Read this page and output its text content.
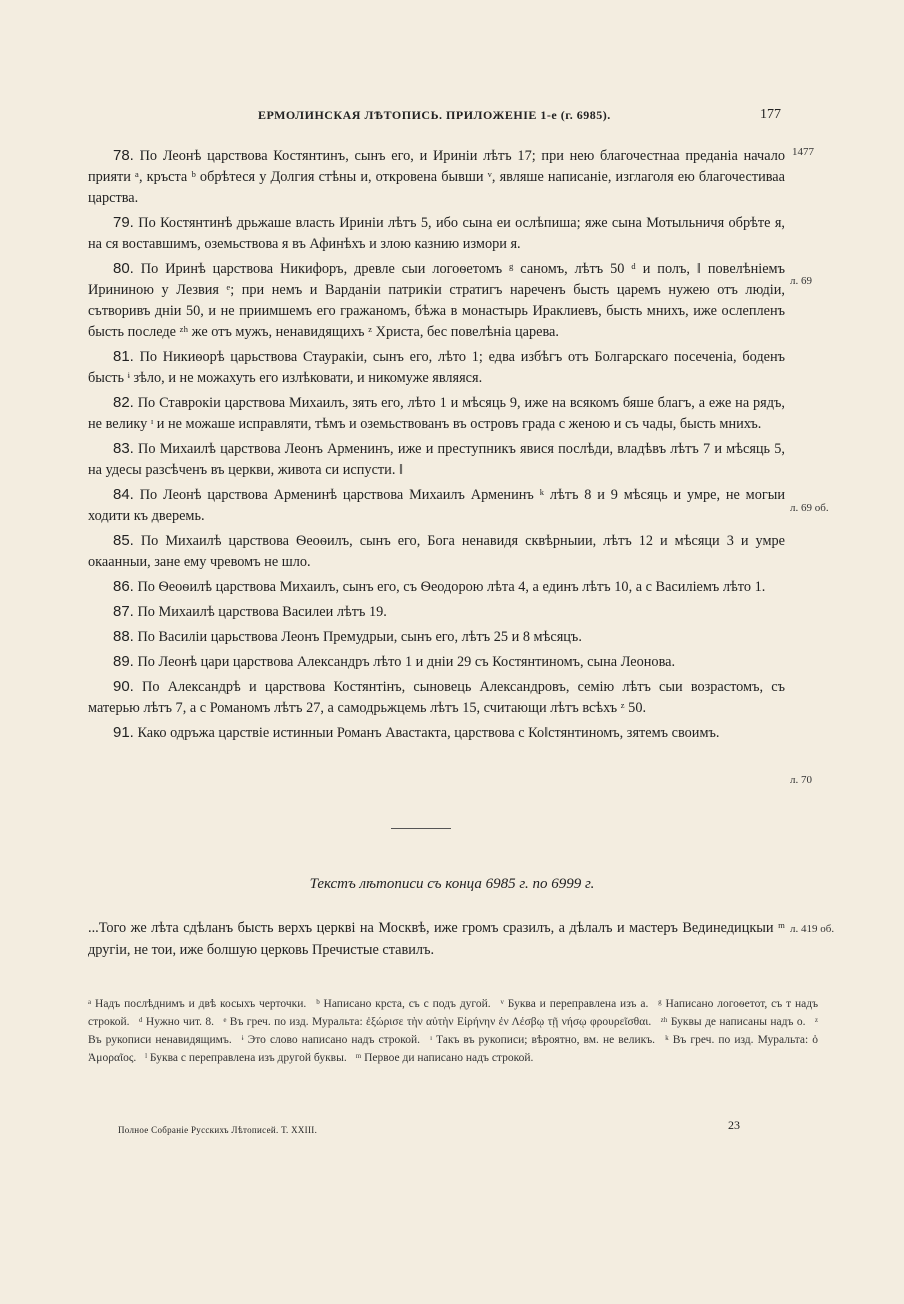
ЕРМОЛИНСКАЯ ЛѢТОПИСЬ. ПРИЛОЖЕНІЕ 1-е (г. 6985).	177
1477
л. 69
л. 69 об.
л. 70
л. 419 об.

78. По Леонѣ царствова Костянтинъ, сынъ его, и Ириніи лѣтъ 17; при нею благочестнаа преданіа начало прияти ᵃ, кръста ᵇ обрѣтеся у Долгия стѣны и, откровена бывши ᵛ, являше написаніе, изглаголя ею благочестиваа царства.

79. По Костянтинѣ дрьжаше власть Ириніи лѣтъ 5, ибо сына еи ослѣпиша; яже сына Мотыльничя обрѣте я, на ся воставшимъ, оземьствова я въ Афинѣхъ и злою казнию измори я.

80. По Иринѣ царствова Никифоръ, древле сыи логоѳетомъ ᵍ саномъ, лѣтъ 50 ᵈ и полъ, ‖ повелѣніемъ Ирининою у Лезвия ᵉ; при немъ и Варданіи патрикіи стратигъ нареченъ бысть царемъ нужею отъ людіи, сътворивъ дніи 50, и не приимшемъ его гражаномъ, бѣжа в монастырь Ираклиевъ, бысть мнихъ, иже ослепленъ бысть последе ᶻʰ же отъ мужъ, ненавидящихъ ᶻ Христа, бес повелѣніа царева.

81. По Никиѳорѣ царьствова Стауракіи, сынъ его, лѣто 1; едва избѣгъ отъ Болгарскаго посеченіа, боденъ бысть ᶤ зѣло, и не можахуть его излѣковати, и никомуже являяся.

82. По Ставрокіи царствова Михаилъ, зять его, лѣто 1 и мѣсяць 9, иже на всякомъ бяше благъ, а еже на рядъ, не велику ᶦ и не можаше исправляти, тѣмъ и оземьствованъ въ островъ града с женою и съ чады, бысть мнихъ.

83. По Михаилѣ царствова Леонъ Арменинъ, иже и преступникъ явися послѣди, владѣвъ лѣтъ 7 и мѣсяць 5, на удесы разсѣченъ въ церкви, живота си испусти. ‖

84. По Леонѣ царствова Арменинѣ царствова Михаилъ Арменинъ ᵏ лѣтъ 8 и 9 мѣсяць и умре, не могыи ходити къ дверемь.

85. По Михаилѣ царствова Ѳеоѳилъ, сынъ его, Бога ненавидя сквѣрныии, лѣтъ 12 и мѣсяци 3 и умре окаанныи, зане ему чревомъ не шло.

86. По Ѳеоѳилѣ царствова Михаилъ, сынъ его, съ Ѳеодорою лѣта 4, а единъ лѣтъ 10, а с Василіемъ лѣто 1.

87. По Михаилѣ царствова Василеи лѣтъ 19.

88. По Василіи царьствова Леонъ Премудрыи, сынъ его, лѣтъ 25 и 8 мѣсяцъ.

89. По Леонѣ цари царствова Александръ лѣто 1 и дніи 29 съ Костянтиномъ, сына Леонова.

90. По Александрѣ и царствова Костянтінъ, сыновець Александровъ, семію лѣтъ сыи возрастомъ, съ матерью лѣтъ 7, а с Романомъ лѣтъ 27, а самодрьжцемь лѣтъ 15, считающи лѣтъ всѣхъ ᶻ 50.

91. Како одръжа царствіе истинныи Романъ Авастакта, царствова с Ко‖стянтиномъ, зятемъ своимъ.

Текстъ лѣтописи съ конца 6985 г. по 6999 г.
...Того же лѣта сдѣланъ бысть верхъ церкві на Москвѣ, иже громъ сразилъ, а дѣлалъ и мастеръ Вединедицкыи ᵐ другіи, не тои, иже болшую церковь Пречистые ставилъ.
ᵃ Надъ послѣднимъ и двѣ косыхъ черточки. ᵇ Написано крста, съ с подъ дугой. ᵛ Буква и переправлена изъ а. ᵍ Написано логоѳетот, съ т надъ строкой. ᵈ Нужно чит. 8. ᵉ Въ греч. по изд. Муральта: ἐξώρισε τὴν αὐτὴν Εἰρήνην ἐν Λέσβῳ τῇ νήσῳ φρουρεῖσθαι. ᶻʰ Буквы де написаны надъ о. ᶻ Въ рукописи ненавидящимъ. ᶤ Это слово написано надъ строкой. ᶦ Такъ въ рукописи; вѣроятно, вм. не великъ. ᵏ Въ греч. по изд. Муральта: ὁ Ἀμοραῖος. ˡ Буква с переправлена изъ другой буквы. ᵐ Первое ди написано надъ строкой.
Полное Собраніе Русскихъ Лѣтописей. Т. XXIII.	23
